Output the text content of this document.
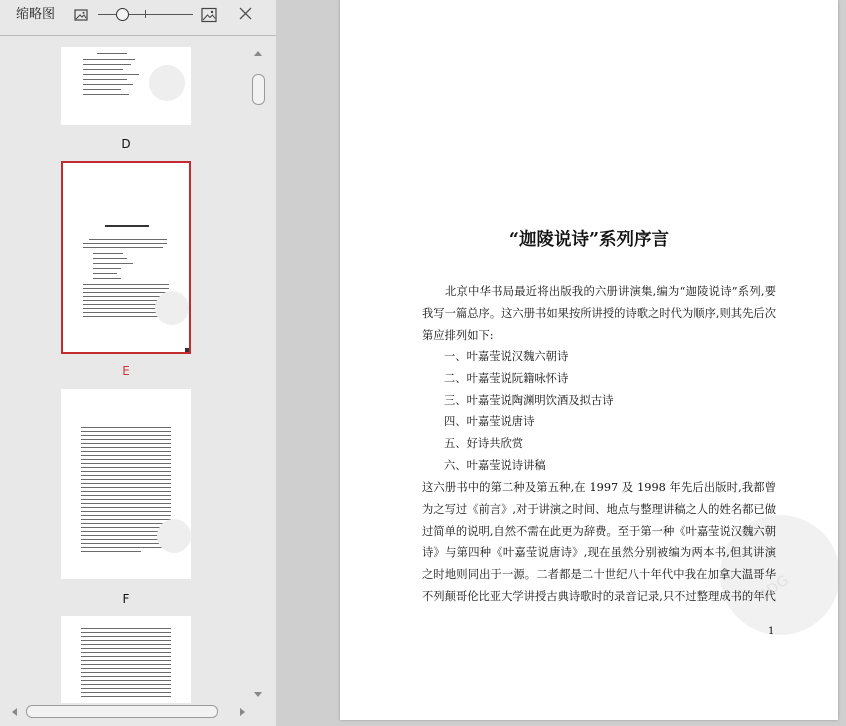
缩略图
D
E
F	PDG
“迦陵说诗”系列序言
北京中华书局最近将出版我的六册讲演集,编为“迦陵说诗”系列,要我写一篇总序。这六册书如果按所讲授的诗歌之时代为顺序,则其先后次第应排列如下:
一、叶嘉莹说汉魏六朝诗
二、叶嘉莹说阮籍咏怀诗
三、叶嘉莹说陶渊明饮酒及拟古诗
四、叶嘉莹说唐诗
五、好诗共欣赏
六、叶嘉莹说诗讲稿
这六册书中的第二种及第五种,在 1997 及 1998 年先后出版时,我都曾为之写过《前言》,对于讲演之时间、地点与整理讲稿之人的姓名都已做过简单的说明,自然不需在此更为辞费。至于第一种《叶嘉莹说汉魏六朝诗》与第四种《叶嘉莹说唐诗》,现在虽然分别被编为两本书,但其讲演之时地则同出于一源。二者都是二十世纪八十年代中我在加拿大温哥华不列颠哥伦比亚大学讲授古典诗歌时的录音记录,只不过整理成书的年代
1
